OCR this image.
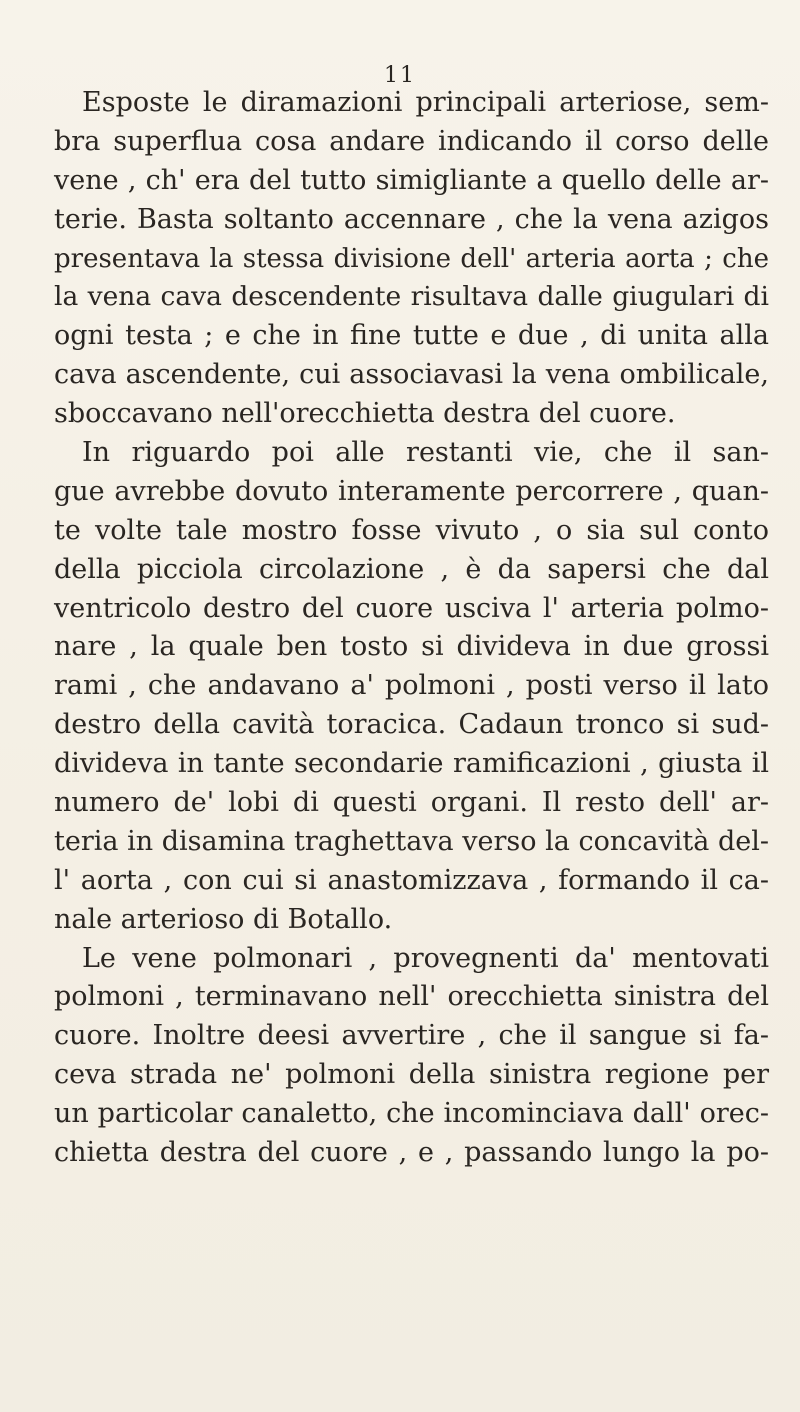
11
Esposte le diramazioni principali arteriose, sem-
bra superflua cosa andare indicando il corso delle
vene , ch' era del tutto simigliante a quello delle ar-
terie. Basta soltanto accennare , che la vena azigos
presentava la stessa divisione dell' arteria aorta ; che
la vena cava descendente risultava dalle giugulari di
ogni testa ; e che in fine tutte e due , di unita alla
cava ascendente, cui associavasi la vena ombilicale,
sboccavano nell'orecchietta destra del cuore.
In riguardo poi alle restanti vie, che il san-
gue avrebbe dovuto interamente percorrere , quan-
te volte tale mostro fosse vivuto , o sia sul conto
della picciola circolazione , è da sapersi che dal
ventricolo destro del cuore usciva l' arteria polmo-
nare , la quale ben tosto si divideva in due grossi
rami , che andavano a' polmoni , posti verso il lato
destro della cavità toracica. Cadaun tronco si sud-
divideva in tante secondarie ramificazioni , giusta il
numero de' lobi di questi organi. Il resto dell' ar-
teria in disamina traghettava verso la concavità del-
l' aorta , con cui si anastomizzava , formando il ca-
nale arterioso di Botallo.
Le vene polmonari , provegnenti da' mentovati
polmoni , terminavano nell' orecchietta sinistra del
cuore. Inoltre deesi avvertire , che il sangue si fa-
ceva strada ne' polmoni della sinistra regione per
un particolar canaletto, che incominciava dall' orec-
chietta destra del cuore , e , passando lungo la po-
